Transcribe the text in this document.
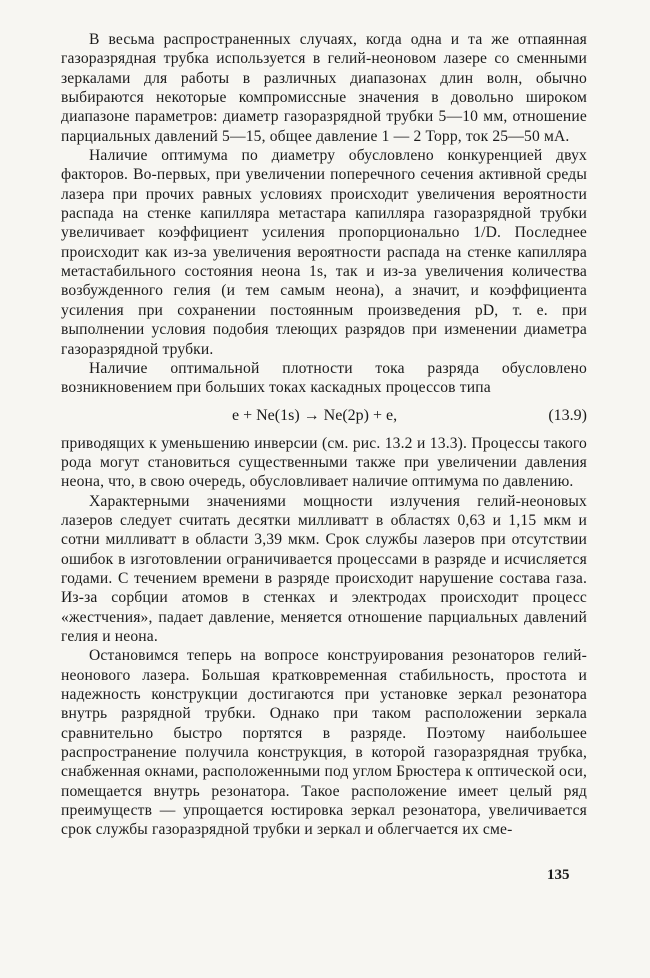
В весьма распространенных случаях, когда одна и та же отпаянная газоразрядная трубка используется в гелий-неоновом лазере со сменными зеркалами для работы в различных диапазонах длин волн, обычно выбираются некоторые компромиссные значения в довольно широком диапазоне параметров: диаметр газоразрядной трубки 5—10 мм, отношение парциальных давлений 5—15, общее давление 1 — 2 Торр, ток 25—50 мА.

Наличие оптимума по диаметру обусловлено конкуренцией двух факторов. Во-первых, при увеличении поперечного сечения активной среды лазера при прочих равных условиях происходит увеличения вероятности распада на стенке капилляра метастара капилляра газоразрядной трубки увеличивает коэффициент усиления пропорционально 1/D. Последнее происходит как из-за увеличения вероятности распада на стенке капилляра метастабильного состояния неона 1s, так и из-за увеличения количества возбужденного гелия (и тем самым неона), а значит, и коэффициента усиления при сохранении постоянным произведения pD, т. е. при выполнении условия подобия тлеющих разрядов при изменении диаметра газоразрядной трубки.

Наличие оптимальной плотности тока разряда обусловлено возникновением при больших токах каскадных процессов типа

e + Ne(1s) → Ne(2p) + e,	(13.9)

приводящих к уменьшению инверсии (см. рис. 13.2 и 13.3). Процессы такого рода могут становиться существенными также при увеличении давления неона, что, в свою очередь, обусловливает наличие оптимума по давлению.

Характерными значениями мощности излучения гелий-неоновых лазеров следует считать десятки милливатт в областях 0,63 и 1,15 мкм и сотни милливатт в области 3,39 мкм. Срок службы лазеров при отсутствии ошибок в изготовлении ограничивается процессами в разряде и исчисляется годами. С течением времени в разряде происходит нарушение состава газа. Из-за сорбции атомов в стенках и электродах происходит процесс «жестчения», падает давление, меняется отношение парциальных давлений гелия и неона.

Остановимся теперь на вопросе конструирования резонаторов гелий-неонового лазера. Большая кратковременная стабильность, простота и надежность конструкции достигаются при установке зеркал резонатора внутрь разрядной трубки. Однако при таком расположении зеркала сравнительно быстро портятся в разряде. Поэтому наибольшее распространение получила конструкция, в которой газоразрядная трубка, снабженная окнами, расположенными под углом Брюстера к оптической оси, помещается внутрь резонатора. Такое расположение имеет целый ряд преимуществ — упрощается юстировка зеркал резонатора, увеличивается срок службы газоразрядной трубки и зеркал и облегчается их сме-

135
